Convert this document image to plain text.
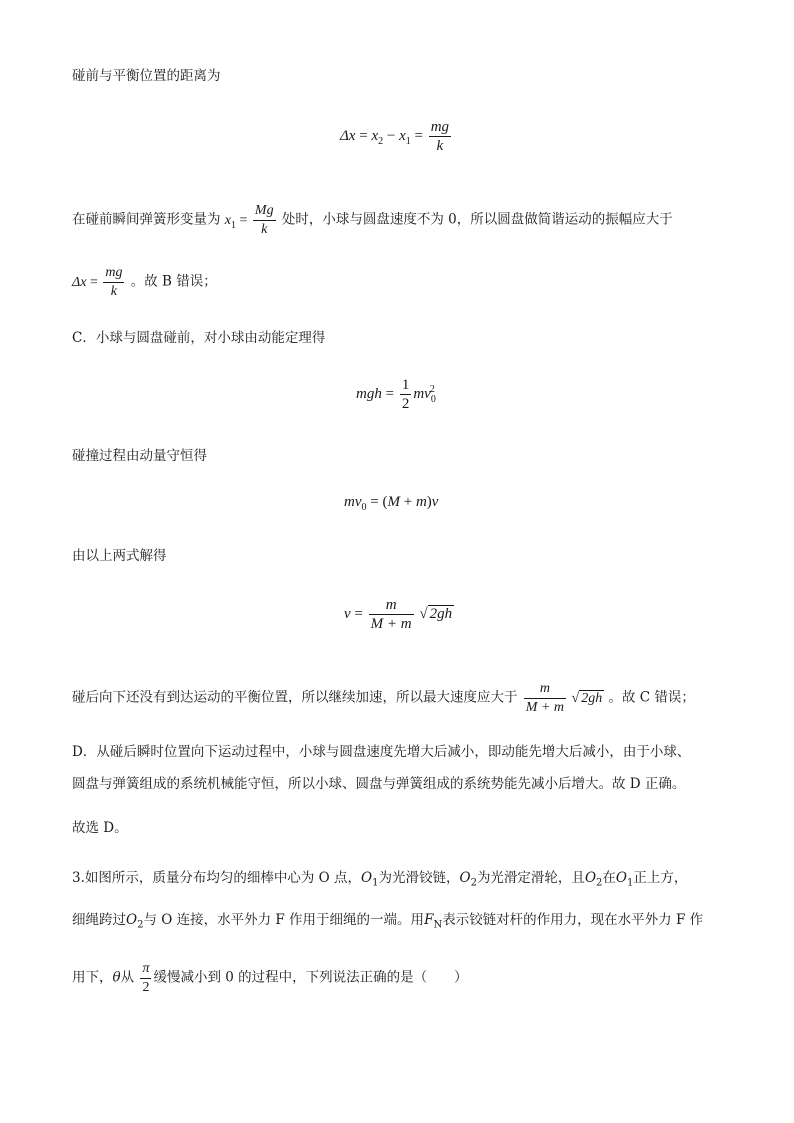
碰前与平衡位置的距离为
$\Delta x = x_2 - x_1 = \frac{mg}{k}$
在碰前瞬间弹簧形变量为 $x_1 = \frac{Mg}{k}$ 处时，小球与圆盘速度不为 0，所以圆盘做简谐运动的振幅应大于
$\Delta x = \frac{mg}{k}$ 。故 B 错误；
C．小球与圆盘碰前，对小球由动能定理得
mgh = $\frac{1}{2} mv_0^2$
碰撞过程由动量守恒得
$mv_0 = (M + m)v$
由以上两式解得
$v = \frac{m}{M + m}$ √ 2gh
碰后向下还没有到达运动的平衡位置，所以继续加速，所以最大速度应大于 $\frac{m}{M + m}$ √ 2gh 。故 C 错误；
D．从碰后瞬时位置向下运动过程中，小球与圆盘速度先增大后减小，即动能先增大后减小，由于小球、
圆盘与弹簧组成的系统机械能守恒，所以小球、圆盘与弹簧组成的系统势能先减小后增大。故 D 正确。
故选 D。
3.如图所示，质量分布均匀的细棒中心为 O 点，$O_1$为光滑铰链，$O_2$为光滑定滑轮，且$O_2$在$O_1$正上方，
细绳跨过$O_2$与 O 连接，水平外力 F 作用于细绳的一端。用$F_N$表示铰链对杆的作用力，现在水平外力 F 作
用下，θ从 $\frac{\pi}{2}$ 缓慢减小到 0 的过程中，下列说法正确的是（　　）
